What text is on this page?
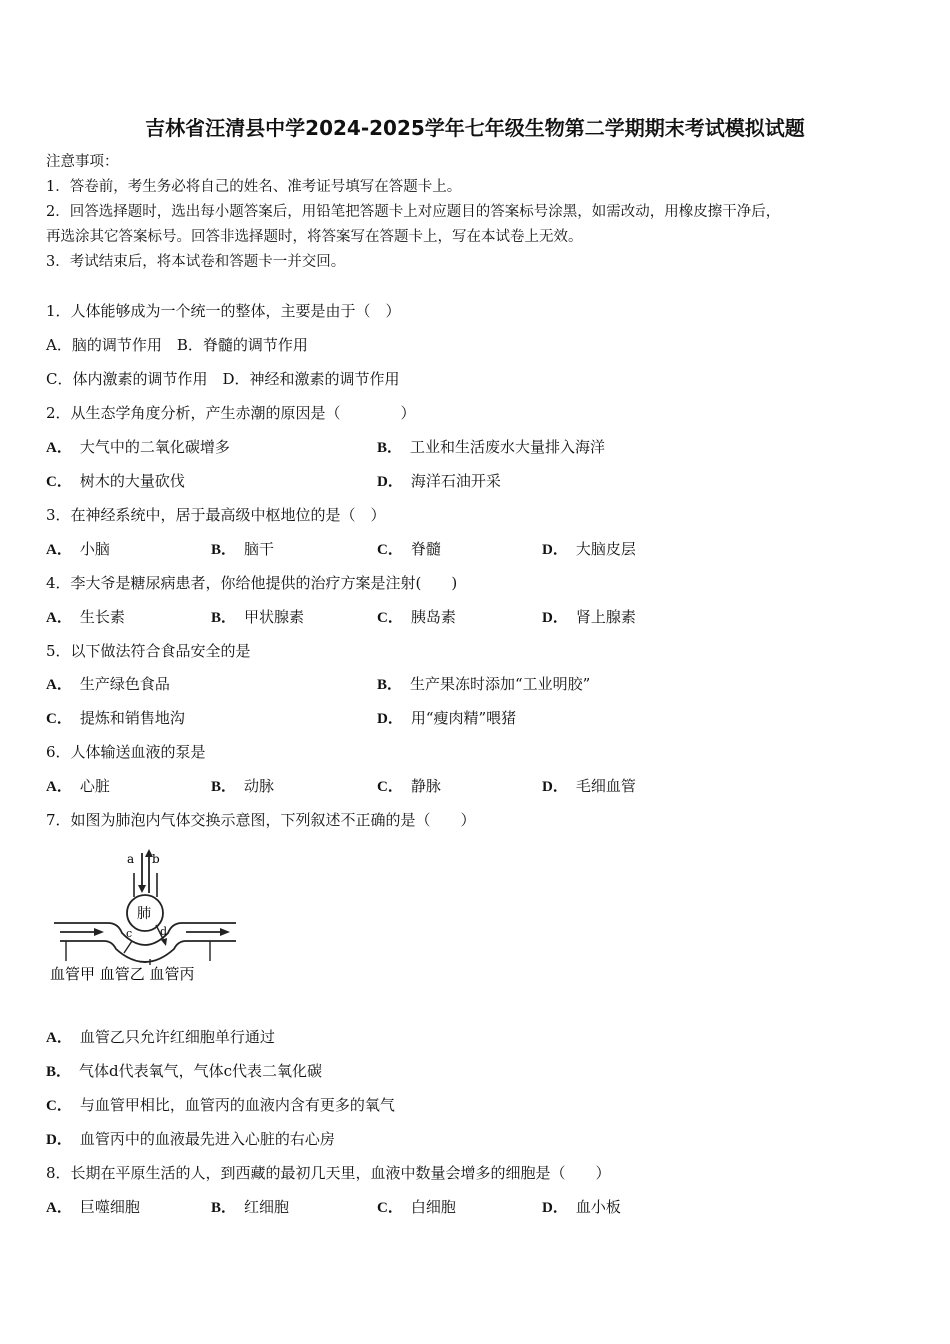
吉林省汪清县中学2024-2025学年七年级生物第二学期期末考试模拟试题
注意事项：
1．答卷前，考生务必将自己的姓名、准考证号填写在答题卡上。
2．回答选择题时，选出每小题答案后，用铅笔把答题卡上对应题目的答案标号涂黑，如需改动，用橡皮擦干净后，
再选涂其它答案标号。回答非选择题时，将答案写在答题卡上，写在本试卷上无效。
3．考试结束后，将本试卷和答题卡一并交回。
1．人体能够成为一个统一的整体，主要是由于（　）
A．脑的调节作用　B．脊髓的调节作用
C．体内激素的调节作用　D．神经和激素的调节作用
2．从生态学角度分析，产生赤潮的原因是（　　　　）
A． 大气中的二氧化碳增多	B． 工业和生活废水大量排入海洋
C． 树木的大量砍伐	D． 海洋石油开采
3．在神经系统中，居于最高级中枢地位的是（　）
A． 小脑	B． 脑干	C． 脊髓	D． 大脑皮层
4．李大爷是糖尿病患者，你给他提供的治疗方案是注射(　　)
A． 生长素	B． 甲状腺素	C． 胰岛素	D． 肾上腺素
5．以下做法符合食品安全的是
A． 生产绿色食品	B． 生产果冻时添加“工业明胶”
C． 提炼和销售地沟	D． 用“瘦肉精”喂猪
6．人体输送血液的泵是
A． 心脏	B． 动脉	C． 静脉	D． 毛细血管
7．如图为肺泡内气体交换示意图，下列叙述不正确的是（　　）
a b
肺
c	d
血管甲 血管乙 血管丙
A． 血管乙只允许红细胞单行通过
B． 气体d代表氧气，气体c代表二氧化碳
C． 与血管甲相比，血管丙的血液内含有更多的氧气
D． 血管丙中的血液最先进入心脏的右心房
8．长期在平原生活的人，到西藏的最初几天里，血液中数量会增多的细胞是（　　）
A． 巨噬细胞	B． 红细胞	C． 白细胞	D． 血小板
